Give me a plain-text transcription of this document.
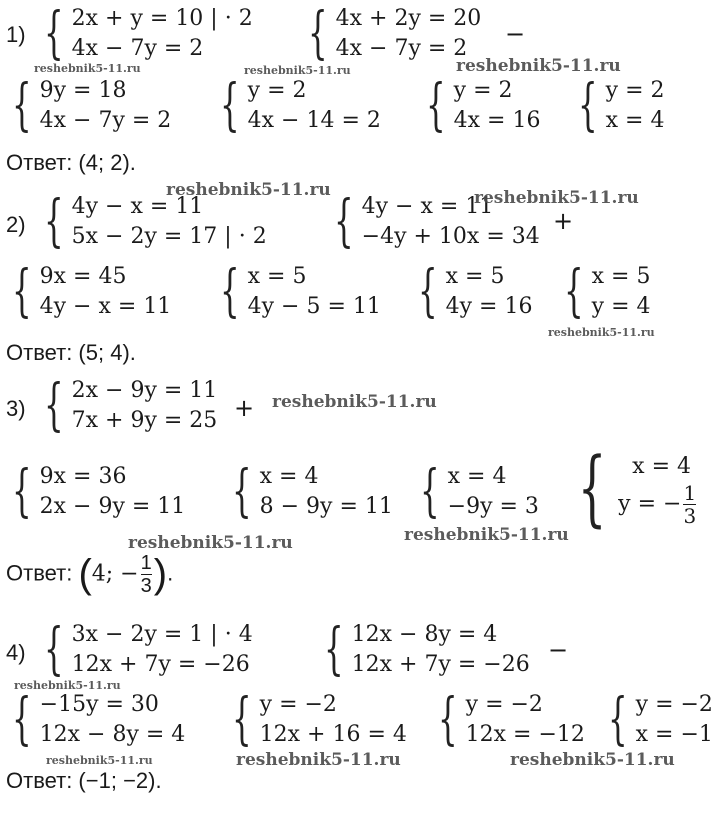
1) { 2x + y = 10 | · 2
4x − 7y = 2	{ 4x + 2y = 20
4x − 7y = 2
−
{ 9y = 18
4x − 7y = 2 { y = 2
4x − 14 = 2 { y = 2
4x = 16 { y = 2
x = 4
Ответ: (4; 2).
2) { 4y − x = 11
5x − 2y = 17 | · 2 { 4y − x = 11
−4y + 10x = 34
+
{ 9x = 45
4y − x = 11 { x = 5
4y − 5 = 11 { x = 5
4y = 16 { x = 5
y = 4
Ответ: (5; 4).
3) { 2x − 9y = 11
7x + 9y = 25 +
{ 9x = 36
2x − 9y = 11 { x = 4
8 − 9y = 11 { x = 4
−9y = 3 {	x = 4
y = − $\frac{1}{3}$
Ответ: (4; − $\frac{1}{3}$ ).
4) { 3x − 2y = 1 | · 4
12x + 7y = −26 { 12x − 8y = 4
12x + 7y = −26
−
{ −15y = 30
12x − 8y = 4 { y = −2
12x + 16 = 4 { y = −2
12x = −12 { y = −2
x = −1
Ответ: (−1; −2).
reshebnik5-11.ru	reshebnik5-11.ru	reshebnik5-11.ru
reshebnik5-11.ru	reshebnik5-11.ru
reshebnik5-11.ru
reshebnik5-11.ru
reshebnik5-11.ru	reshebnik5-11.ru
reshebnik5-11.ru
reshebnik5-11.ru	reshebnik5-11.ru	reshebnik5-11.ru
